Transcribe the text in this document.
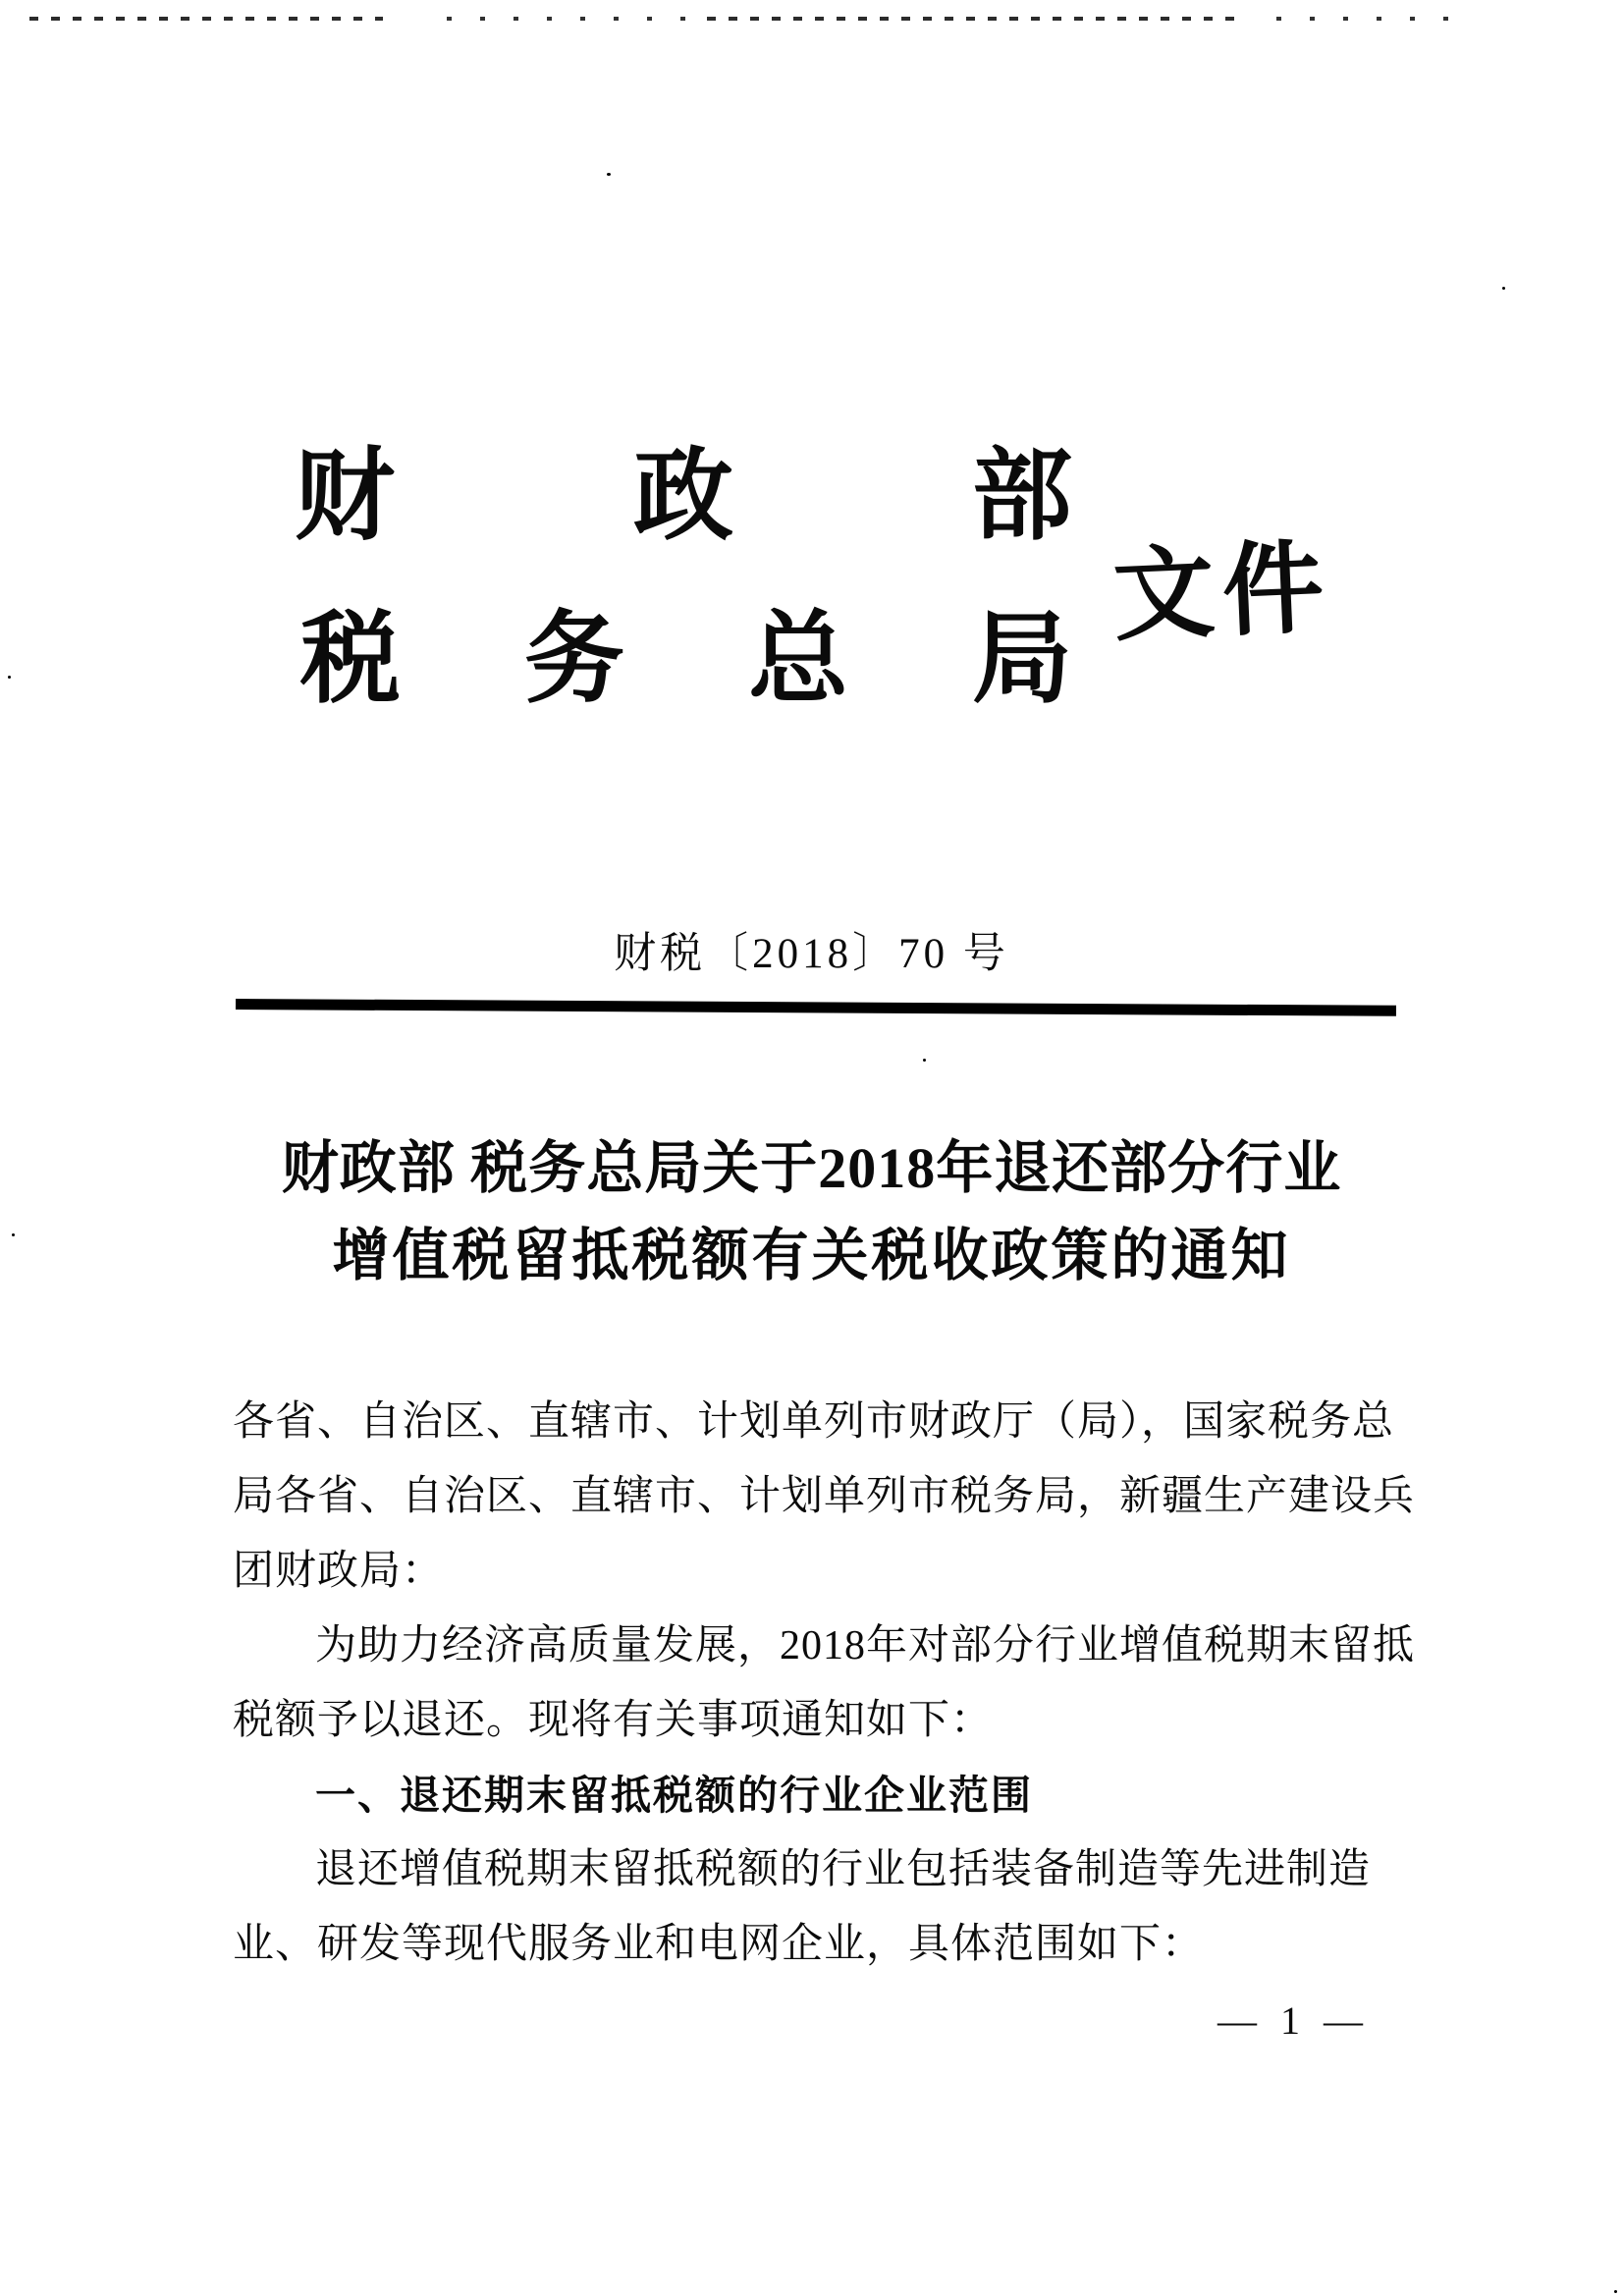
财政部
税务总局
文件
财税〔2018〕70 号
财政部 税务总局关于2018年退还部分行业
增值税留抵税额有关税收政策的通知
各省、自治区、直辖市、计划单列市财政厅（局），国家税务总
局各省、自治区、直辖市、计划单列市税务局，新疆生产建设兵
团财政局：
为助力经济高质量发展，2018年对部分行业增值税期末留抵
税额予以退还。现将有关事项通知如下：
一、退还期末留抵税额的行业企业范围
退还增值税期末留抵税额的行业包括装备制造等先进制造
业、研发等现代服务业和电网企业，具体范围如下：
— 1 —
